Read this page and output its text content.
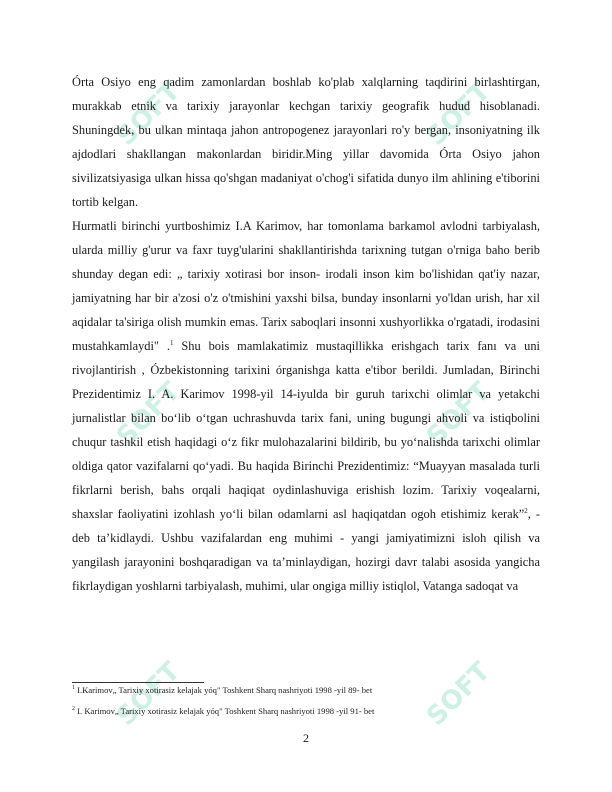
SOFT	SOFT
SOFT	SOFT
SOFT	SOFT

Órta Osiyo eng qadim zamonlardan boshlab ko'plab xalqlarning taqdirini birlashtirgan, murakkab etnik va tarixiy jarayonlar kechgan tarixiy geografik hudud hisoblanadi. Shuningdek, bu ulkan mintaqa jahon antropogenez jarayonlari ro'y bergan, insoniyatning ilk ajdodlari shakllangan makonlardan biridir.Ming yillar davomida Órta Osiyo jahon sivilizatsiyasiga ulkan hissa qo'shgan madaniyat o'chog'i sifatida dunyo ilm ahlining e'tiborini tortib kelgan.

Hurmatli birinchi yurtboshimiz I.A Karimov, har tomonlama barkamol avlodni tarbiyalash, ularda milliy g'urur va faxr tuyg'ularini shakllantirishda tarixning tutgan o'rniga baho berib shunday degan edi: „ tarixiy xotirasi bor inson- irodali inson kim bo'lishidan qat'iy nazar, jamiyatning har bir a'zosi o'z o'tmishini yaxshi bilsa, bunday insonlarni yo'ldan urish, har xil aqidalar ta'siriga olish mumkin emas. Tarix saboqlari insonni xushyorlikka o'rgatadi, irodasini mustahkamlaydi" .$^1$ Shu bois mamlakatimiz mustaqillikka erishgach tarix fanı va uni rivojlantirish , Ózbekistonning tarixini órganishga katta e'tibor berildi. Jumladan, Birinchi Prezidentimiz I. A. Karimov 1998-yil 14-iyulda bir guruh tarixchi olimlar va yetakchi jurnalistlar bilan bo‘lib o‘tgan uchrashuvda tarix fani, uning bugungi ahvoli va istiqbolini chuqur tashkil etish haqidagi o‘z fikr mulohazalarini bildirib, bu yo‘nalishda tarixchi olimlar oldiga qator vazifalarni qo‘yadi. Bu haqida Birinchi Prezidentimiz: “Muayyan masalada turli fikrlarni berish, bahs orqali haqiqat oydinlashuviga erishish lozim. Tarixiy voqealarni, shaxslar faoliyatini izohlash yo‘li bilan odamlarni asl haqiqatdan ogoh etishimiz kerak”$^2$, - deb ta’kidlaydi. Ushbu vazifalardan eng muhimi - yangi jamiyatimizni isloh qilish va yangilash jarayonini boshqaradigan va ta’minlaydigan, hozirgi davr talabi asosida yangicha fikrlaydigan yoshlarni tarbiyalash, muhimi, ular ongiga milliy istiqlol, Vatanga sadoqat va

$^1$ I.Karimov„ Tarixiy xotirasiz kelajak yóq" Toshkent Sharq nashriyoti 1998 -yil 89- bet
$^2$ I. Karimov„ Tarixiy xotirasiz kelajak yóq" Toshkent Sharq nashriyoti 1998 -yil 91- bet
2
